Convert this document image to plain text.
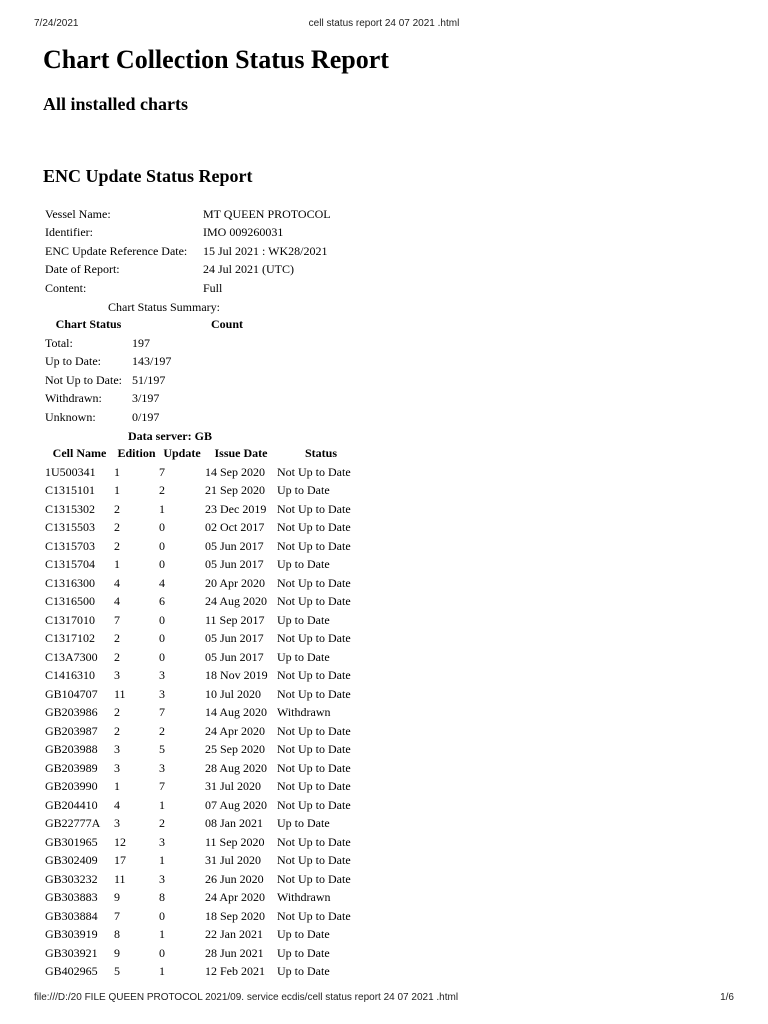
7/24/2021	cell status report 24 07 2021 .html
Chart Collection Status Report
All installed charts
ENC Update Status Report
Vessel Name:	MT QUEEN PROTOCOL
Identifier:	IMO 009260031
ENC Update Reference Date:	15 Jul 2021 : WK28/2021
Date of Report:	24 Jul 2021 (UTC)
Content:	Full
Chart Status Summary:
Chart Status	Count
Total:	197
Up to Date:	143/197
Not Up to Date:	51/197
Withdrawn:	3/197
Unknown:	0/197
Data server: GB
Cell Name	Edition	Update	Issue Date	Status
1U500341	1	7	14 Sep 2020	Not Up to Date
C1315101	1	2	21 Sep 2020	Up to Date
C1315302	2	1	23 Dec 2019	Not Up to Date
C1315503	2	0	02 Oct 2017	Not Up to Date
C1315703	2	0	05 Jun 2017	Not Up to Date
C1315704	1	0	05 Jun 2017	Up to Date
C1316300	4	4	20 Apr 2020	Not Up to Date
C1316500	4	6	24 Aug 2020	Not Up to Date
C1317010	7	0	11 Sep 2017	Up to Date
C1317102	2	0	05 Jun 2017	Not Up to Date
C13A7300	2	0	05 Jun 2017	Up to Date
C1416310	3	3	18 Nov 2019	Not Up to Date
GB104707	11	3	10 Jul 2020	Not Up to Date
GB203986	2	7	14 Aug 2020	Withdrawn
GB203987	2	2	24 Apr 2020	Not Up to Date
GB203988	3	5	25 Sep 2020	Not Up to Date
GB203989	3	3	28 Aug 2020	Not Up to Date
GB203990	1	7	31 Jul 2020	Not Up to Date
GB204410	4	1	07 Aug 2020	Not Up to Date
GB22777A	3	2	08 Jan 2021	Up to Date
GB301965	12	3	11 Sep 2020	Not Up to Date
GB302409	17	1	31 Jul 2020	Not Up to Date
GB303232	11	3	26 Jun 2020	Not Up to Date
GB303883	9	8	24 Apr 2020	Withdrawn
GB303884	7	0	18 Sep 2020	Not Up to Date
GB303919	8	1	22 Jan 2021	Up to Date
GB303921	9	0	28 Jun 2021	Up to Date
GB402965	5	1	12 Feb 2021	Up to Date
file:///D:/20 FILE QUEEN PROTOCOL 2021/09. service ecdis/cell status report 24 07 2021 .html	1/6
